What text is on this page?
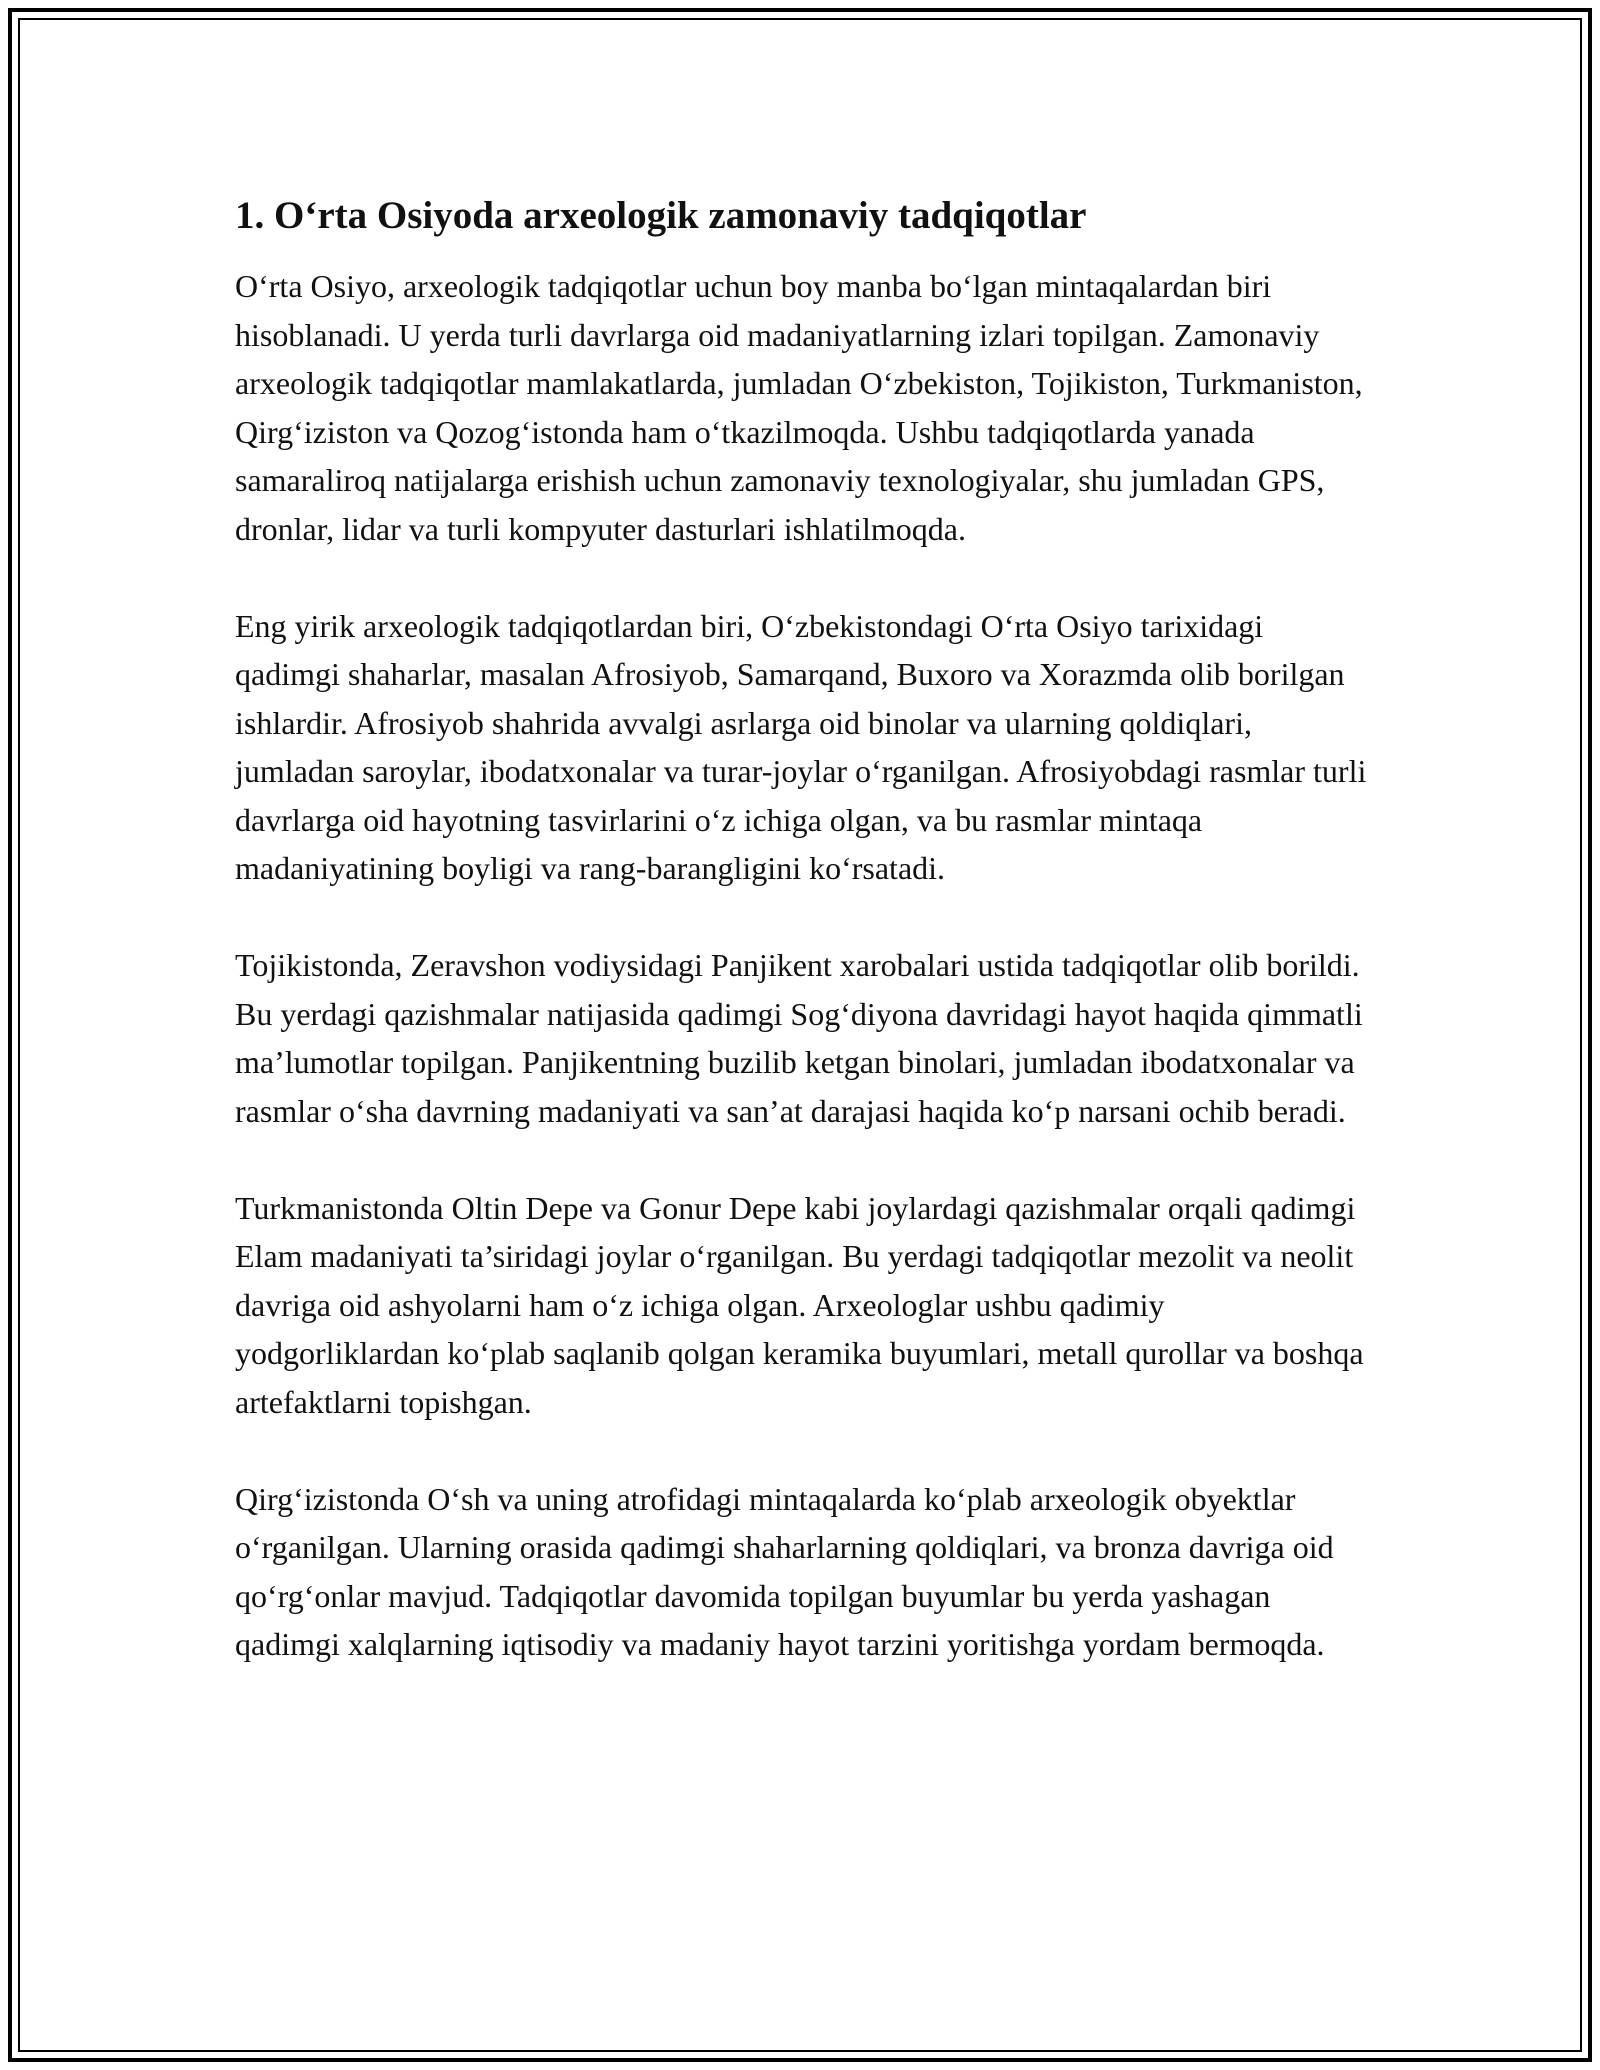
1. O‘rta Osiyoda arxeologik zamonaviy tadqiqotlar

O‘rta Osiyo, arxeologik tadqiqotlar uchun boy manba bo‘lgan mintaqalardan biri hisoblanadi. U yerda turli davrlarga oid madaniyatlarning izlari topilgan. Zamonaviy arxeologik tadqiqotlar mamlakatlarda, jumladan O‘zbekiston, Tojikiston, Turkmaniston, Qirg‘iziston va Qozog‘istonda ham o‘tkazilmoqda. Ushbu tadqiqotlarda yanada samaraliroq natijalarga erishish uchun zamonaviy texnologiyalar, shu jumladan GPS, dronlar, lidar va turli kompyuter dasturlari ishlatilmoqda.

Eng yirik arxeologik tadqiqotlardan biri, O‘zbekistondagi O‘rta Osiyo tarixidagi qadimgi shaharlar, masalan Afrosiyob, Samarqand, Buxoro va Xorazmda olib borilgan ishlardir. Afrosiyob shahrida avvalgi asrlarga oid binolar va ularning qoldiqlari, jumladan saroylar, ibodatxonalar va turar-joylar o‘rganilgan. Afrosiyobdagi rasmlar turli davrlarga oid hayotning tasvirlarini o‘z ichiga olgan, va bu rasmlar mintaqa madaniyatining boyligi va rang-barangligini ko‘rsatadi.

Tojikistonda, Zeravshon vodiysidagi Panjikent xarobalari ustida tadqiqotlar olib borildi. Bu yerdagi qazishmalar natijasida qadimgi Sog‘diyona davridagi hayot haqida qimmatli ma’lumotlar topilgan. Panjikentning buzilib ketgan binolari, jumladan ibodatxonalar va rasmlar o‘sha davrning madaniyati va san’at darajasi haqida ko‘p narsani ochib beradi.

Turkmanistonda Oltin Depe va Gonur Depe kabi joylardagi qazishmalar orqali qadimgi Elam madaniyati ta’siridagi joylar o‘rganilgan. Bu yerdagi tadqiqotlar mezolit va neolit davriga oid ashyolarni ham o‘z ichiga olgan. Arxeologlar ushbu qadimiy yodgorliklardan ko‘plab saqlanib qolgan keramika buyumlari, metall qurollar va boshqa artefaktlarni topishgan.

Qirg‘izistonda O‘sh va uning atrofidagi mintaqalarda ko‘plab arxeologik obyektlar o‘rganilgan. Ularning orasida qadimgi shaharlarning qoldiqlari, va bronza davriga oid qo‘rg‘onlar mavjud. Tadqiqotlar davomida topilgan buyumlar bu yerda yashagan qadimgi xalqlarning iqtisodiy va madaniy hayot tarzini yoritishga yordam bermoqda.
